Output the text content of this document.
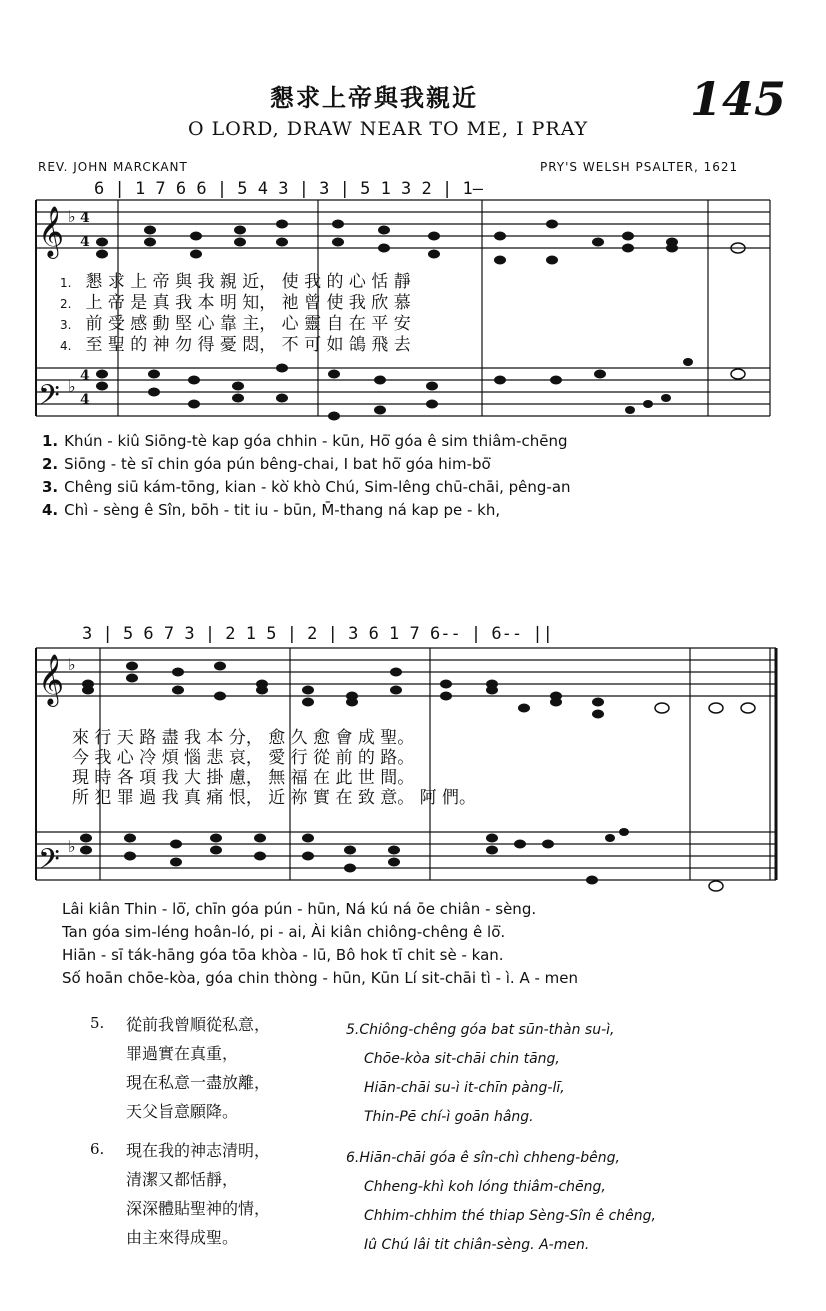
懇求上帝與我親近	145
O LORD, DRAW NEAR TO ME, I PRAY
REV. JOHN MARCKANT	PRY'S WELSH PSALTER, 1621
𝄞
𝄢
𝄞
𝄢
♭ 4
4
♭
4
4
♭
♭
6 | 1 7 6 6 | 5 4 3 | 3 | 5 1 3 2 | 1—
1. 懇 求 上 帝 與 我 親 近， 使 我 的 心 恬 靜
2. 上 帝 是 真 我 本 明 知， 祂 曾 使 我 欣 慕
3. 前 受 感 動 堅 心 靠 主， 心 靈 自 在 平 安
4. 至 聖 的 神 勿 得 憂 悶， 不 可 如 鴿 飛 去
1. Khún - kiû Siōng-tè kap góa chhin - kūn, Hō͘ góa ê sim thiâm-chēng
2. Siōng - tè sī chin góa pún bêng-chai, I bat hō͘ góa him-bō͘
3. Chêng siū kám-tōng, kian - kò͘ khò Chú, Sim-lêng chū-chāi, pêng-an
4. Chì - sèng ê Sîn, bōh - tit iu - būn, M̄-thang ná kap pe - kh,
3 | 5 6 7 3 | 2 1 5 | 2 | 3 6 1 7 6-- | 6-- ||
來 行 天 路 盡 我 本 分， 愈 久 愈 會 成 聖。
今 我 心 冷 煩 惱 悲 哀， 愛 行 從 前 的 路。
現 時 各 項 我 大 掛 慮， 無 福 在 此 世 間。
所 犯 罪 過 我 真 痛 恨， 近 祢 實 在 致 意。 阿 們。
Lâi kiân Thin - lō͘, chīn góa pún - hūn, Ná kú ná ōe chiân - sèng.
Tan góa sim-léng hoân-ló, pi - ai, Ài kiân chiông-chêng ê lō͘.
Hiān - sī ták-hāng góa tōa khòa - lū, Bô hok tī chit sè - kan.
Số hoān chōe-kòa, góa chin thòng - hūn, Kūn Lí sit-chāi tì - ì. A - men
5. 從前我曾順從私意，
罪過實在真重，
現在私意一盡放離，
天父旨意願降。
5.Chiông-chêng góa bat sūn-thàn su-ì,
Chōe-kòa sit-chāi chin tāng,
Hiān-chāi su-ì it-chīn pàng-lī,
Thin-Pē chí-ì goān hâng.
6. 現在我的神志清明，
清潔又都恬靜，
深深體貼聖神的情，
由主來得成聖。
6.Hiān-chāi góa ê sîn-chì chheng-bêng,
Chheng-khì koh lóng thiâm-chēng,
Chhim-chhim thé thiap Sèng-Sîn ê chêng,
Iû Chú lâi tit chiân-sèng. A-men.
